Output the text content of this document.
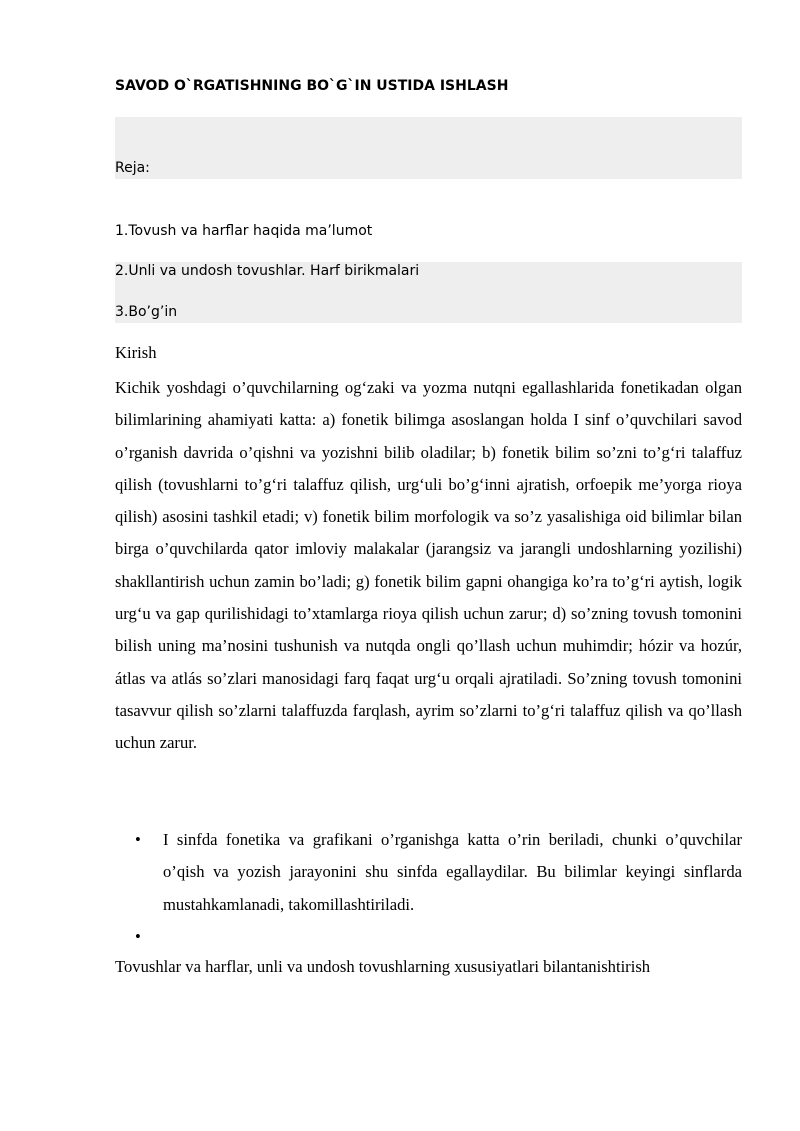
SAVOD O`RGATISHNING BO`G`IN USTIDA ISHLASH
Reja:
1.Tovush va harflar haqida ma’lumot
2.Unli va undosh tovushlar. Harf birikmalari
3.Bo’g’in
Kirish

Kichik yoshdagi o’quvchilarning og‘zaki va yozma nutqni egallashlarida fonetikadan olgan bilimlarining ahamiyati katta: a) fonetik bilimga asoslangan holda I sinf o’quvchilari savod o’rganish davrida o’qishni va yozishni bilib oladilar; b) fonetik bilim so’zni to’g‘ri talaffuz qilish (tovushlarni to’g‘ri talaffuz qilish, urg‘uli bo’g‘inni ajratish, orfoepik me’yorga rioya qilish) asosini tashkil etadi; v) fonetik bilim morfologik va so’z yasalishiga oid bilimlar bilan birga o’quvchilarda qator imloviy malakalar (jarangsiz va jarangli undoshlarning yozilishi) shakllantirish uchun zamin bo’ladi; g) fonetik bilim gapni ohangiga ko’ra to’g‘ri aytish, logik urg‘u va gap qurilishidagi to’xtamlarga rioya qilish uchun zarur; d) so’zning tovush tomonini bilish uning ma’nosini tushunish va nutqda ongli qo’llash uchun muhimdir; hózir va hozúr, átlas va atlás so’zlari manosidagi farq faqat urg‘u orqali ajratiladi. So’zning tovush tomonini tasavvur qilish so’zlarni talaffuzda farqlash, ayrim so’zlarni to’g‘ri talaffuz qilish va qo’llash uchun zarur.

• I sinfda fonetika va grafikani o’rganishga katta o’rin beriladi, chunki o’quvchilar o’qish va yozish jarayonini shu sinfda egallaydilar. Bu bilimlar keyingi sinflarda mustahkamlanadi, takomillashtiriladi.
•
Tovushlar va harflar, unli va undosh tovushlarning xususiyatlari bilantanishtirish
